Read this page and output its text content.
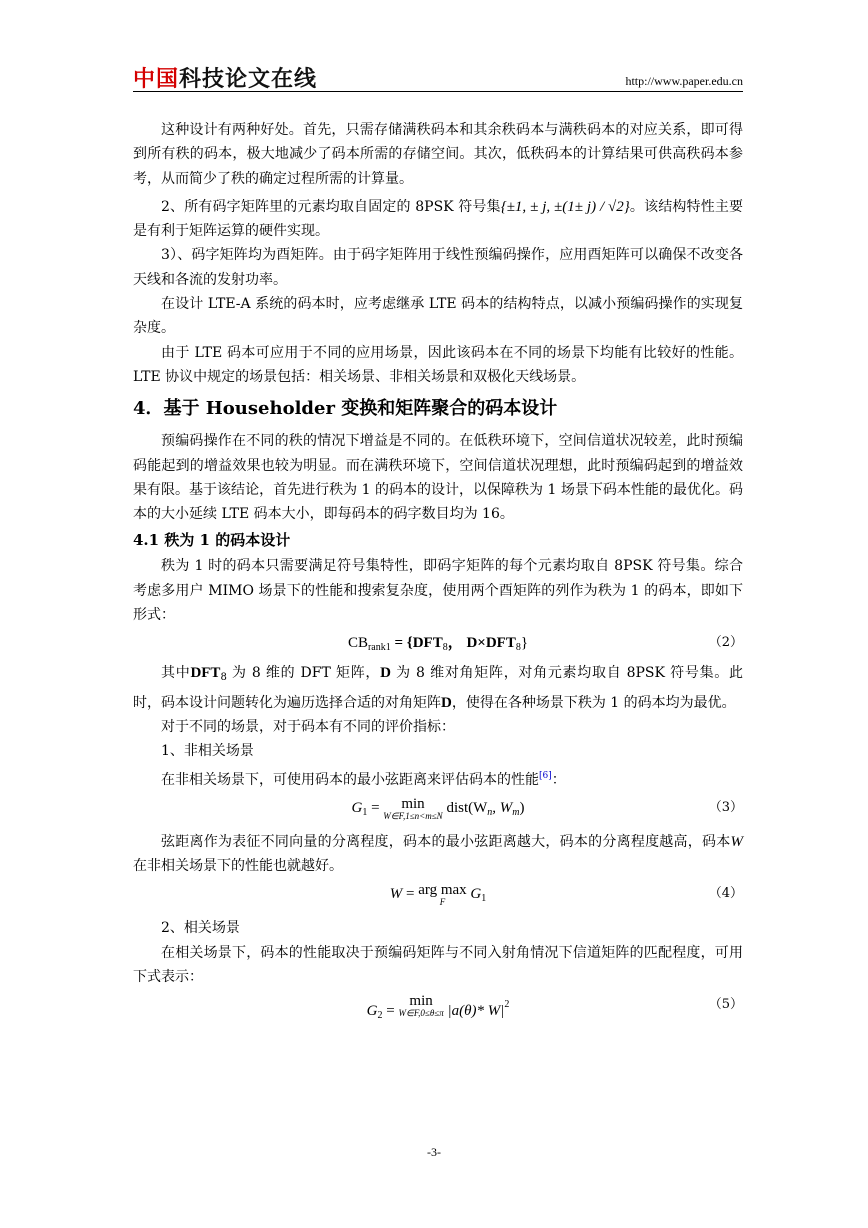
中国科技论文在线	http://www.paper.edu.cn

这种设计有两种好处。首先，只需存储满秩码本和其余秩码本与满秩码本的对应关系，即可得到所有秩的码本，极大地减少了码本所需的存储空间。其次，低秩码本的计算结果可供高秩码本参考，从而简少了秩的确定过程所需的计算量。

2、所有码字矩阵里的元素均取自固定的 8PSK 符号集{±1, ± j, ±(1± j) / √2}。该结构特性主要是有利于矩阵运算的硬件实现。

3）、码字矩阵均为酉矩阵。由于码字矩阵用于线性预编码操作，应用酉矩阵可以确保不改变各天线和各流的发射功率。

在设计 LTE-A 系统的码本时，应考虑继承 LTE 码本的结构特点，以减小预编码操作的实现复杂度。

由于 LTE 码本可应用于不同的应用场景，因此该码本在不同的场景下均能有比较好的性能。LTE 协议中规定的场景包括：相关场景、非相关场景和双极化天线场景。

4．基于 Householder 变换和矩阵聚合的码本设计

预编码操作在不同的秩的情况下增益是不同的。在低秩环境下，空间信道状况较差，此时预编码能起到的增益效果也较为明显。而在满秩环境下，空间信道状况理想，此时预编码起到的增益效果有限。基于该结论，首先进行秩为 1 的码本的设计，以保障秩为 1 场景下码本性能的最优化。码本的大小延续 LTE 码本大小，即每码本的码字数目均为 16。

4.1 秩为 1 的码本设计

秩为 1 时的码本只需要满足符号集特性，即码字矩阵的每个元素均取自 8PSK 符号集。综合考虑多用户 MIMO 场景下的性能和搜索复杂度，使用两个酉矩阵的列作为秩为 1 的码本，即如下形式：

$CB_{rank1} = \{DFT_8$， $D\times DFT_8$}	（2）

其中$DFT_8$ 为 8 维的 DFT 矩阵，D 为 8 维对角矩阵，对角元素均取自 8PSK 符号集。此时，码本设计问题转化为遍历选择合适的对角矩阵D，使得在各种场景下秩为 1 的码本均为最优。

对于不同的场景，对于码本有不同的评价指标：

1、非相关场景

在非相关场景下，可使用码本的最小弦距离来评估码本的性能[6]：

$G_1 = \min$
W∈F,1≤n<m≤N $dist(W_n$, $W_m$)	（3）

弦距离作为表征不同向量的分离程度，码本的最小弦距离越大，码本的分离程度越高，码本W 在非相关场景下的性能也就越好。

W = arg max
F	$G_1$	（4）

2、相关场景

在相关场景下，码本的性能取决于预编码矩阵与不同入射角情况下信道矩阵的匹配程度，可用下式表示：

$G_2 = \min$
W∈F,0≤θ≤π |a(θ)* $W|^2$	（5）
-3-
